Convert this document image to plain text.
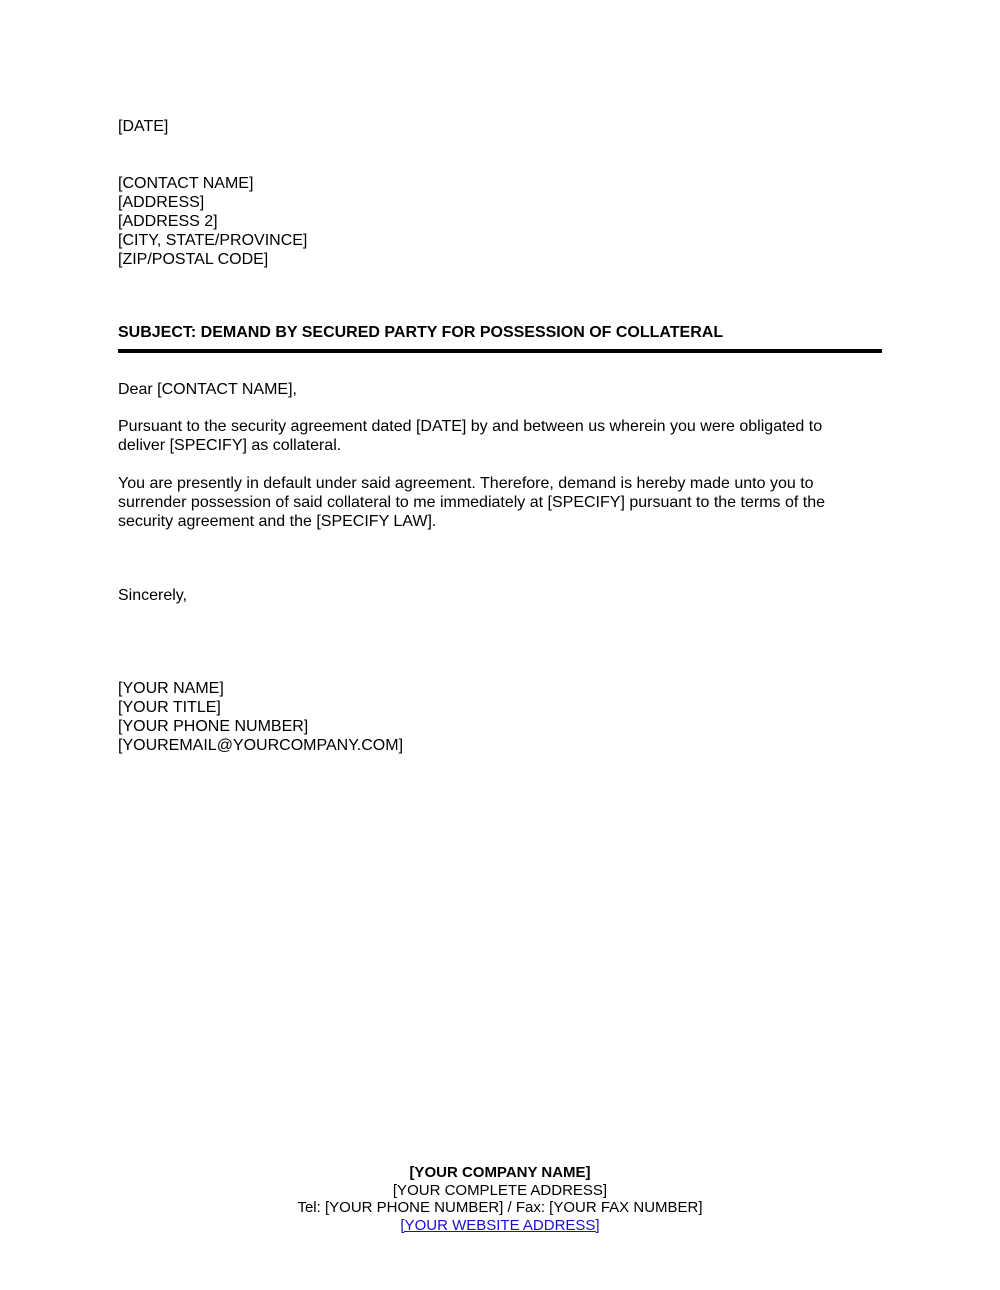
[DATE]
[CONTACT NAME]
[ADDRESS]
[ADDRESS 2]
[CITY, STATE/PROVINCE]
[ZIP/POSTAL CODE]
SUBJECT: DEMAND BY SECURED PARTY FOR POSSESSION OF COLLATERAL
Dear [CONTACT NAME],
Pursuant to the security agreement dated [DATE] by and between us wherein you were obligated to
deliver [SPECIFY] as collateral.
You are presently in default under said agreement. Therefore, demand is hereby made unto you to
surrender possession of said collateral to me immediately at [SPECIFY] pursuant to the terms of the
security agreement and the [SPECIFY LAW].
Sincerely,
[YOUR NAME]
[YOUR TITLE]
[YOUR PHONE NUMBER]
[YOUREMAIL@YOURCOMPANY.COM]
[YOUR COMPANY NAME]
[YOUR COMPLETE ADDRESS]
Tel: [YOUR PHONE NUMBER] / Fax: [YOUR FAX NUMBER]
[YOUR WEBSITE ADDRESS]
